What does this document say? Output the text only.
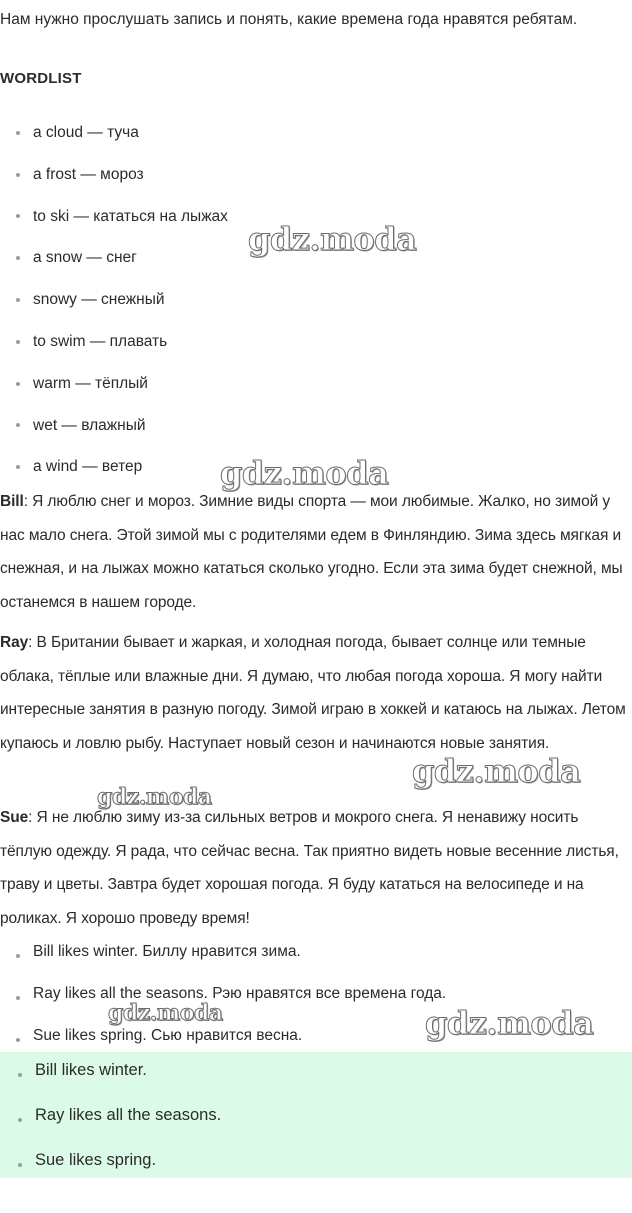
Нам нужно прослушать запись и понять, какие времена года нравятся ребятам.

WORDLIST
a cloud — туча
a frost — мороз
to ski — кататься на лыжах
a snow — снег
snowy — снежный
to swim — плавать
warm — тёплый
wet — влажный
a wind — ветер

Bill: Я люблю снег и мороз. Зимние виды спорта — мои любимые. Жалко, но зимой у нас мало снега. Этой зимой мы с родителями едем в Финляндию. Зима здесь мягкая и снежная, и на лыжах можно кататься сколько угодно. Если эта зима будет снежной, мы останемся в нашем городе.

Ray: В Британии бывает и жаркая, и холодная погода, бывает солнце или темные облака, тёплые или влажные дни. Я думаю, что любая погода хороша. Я могу найти интересные занятия в разную погоду. Зимой играю в хоккей и катаюсь на лыжах. Летом купаюсь и ловлю рыбу. Наступает новый сезон и начинаются новые занятия.

Sue: Я не люблю зиму из-за сильных ветров и мокрого снега. Я ненавижу носить тёплую одежду. Я рада, что сейчас весна. Так приятно видеть новые весенние листья, траву и цветы. Завтра будет хорошая погода. Я буду кататься на велосипеде и на роликах. Я хорошо проведу время!

Bill likes winter. Биллу нравится зима.
Ray likes all the seasons. Рэю нравятся все времена года.
Sue likes spring. Сью нравится весна.
Bill likes winter.
Ray likes all the seasons.
Sue likes spring.
gdz.moda
gdz.moda
gdz.moda
gdz.moda
gdz.moda	gdz.moda
